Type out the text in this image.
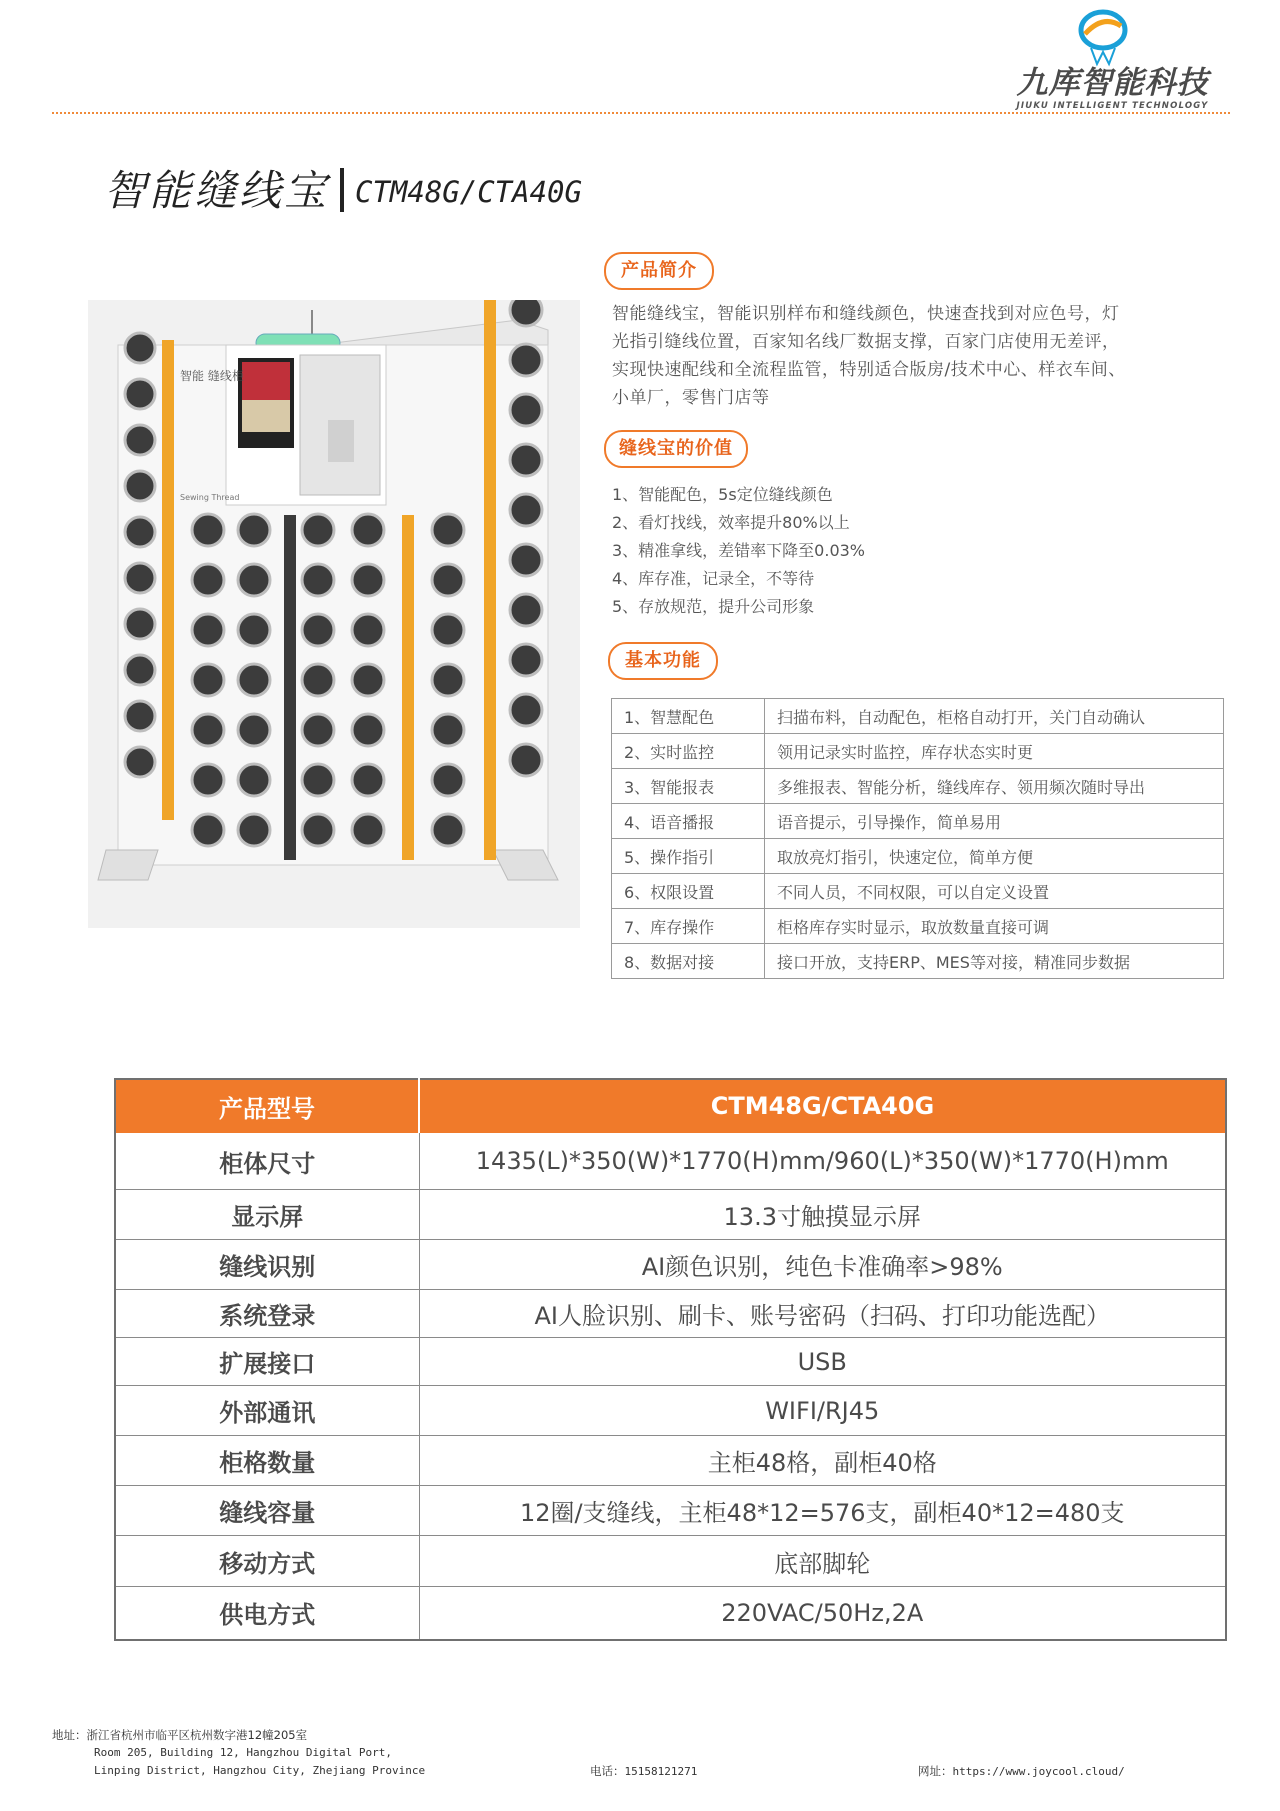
九库智能科技
JIUKU INTELLIGENT TECHNOLOGY
智能缝线宝 CTM48G/CTA40G
智能 缝线柜
Sewing Thread
产品简介
智能缝线宝，智能识别样布和缝线颜色，快速查找到对应色号，灯光指引缝线位置，百家知名线厂数据支撑，百家门店使用无差评，实现快速配线和全流程监管，特别适合版房/技术中心、样衣车间、小单厂，零售门店等
缝线宝的价值
1、智能配色，5s定位缝线颜色
2、看灯找线，效率提升80%以上
3、精准拿线，差错率下降至0.03%
4、库存准，记录全，不等待
5、存放规范，提升公司形象
基本功能
1、智慧配色	扫描布料，自动配色，柜格自动打开，关门自动确认
2、实时监控	领用记录实时监控，库存状态实时更
3、智能报表	多维报表、智能分析，缝线库存、领用频次随时导出
4、语音播报	语音提示，引导操作，简单易用
5、操作指引	取放亮灯指引，快速定位，简单方便
6、权限设置	不同人员，不同权限，可以自定义设置
7、库存操作	柜格库存实时显示，取放数量直接可调
8、数据对接	接口开放，支持ERP、MES等对接，精准同步数据
产品型号	CTM48G/CTA40G
柜体尺寸	1435(L)*350(W)*1770(H)mm/960(L)*350(W)*1770(H)mm
显示屏	13.3寸触摸显示屏
缝线识别	AI颜色识别，纯色卡准确率>98%
系统登录	AI人脸识别、刷卡、账号密码（扫码、打印功能选配）
扩展接口	USB
外部通讯	WIFI/RJ45
柜格数量	主柜48格，副柜40格
缝线容量	12圈/支缝线，主柜48*12=576支，副柜40*12=480支
移动方式	底部脚轮
供电方式	220VAC/50Hz,2A
地址：浙江省杭州市临平区杭州数字港12幢205室
Room 205, Building 12, Hangzhou Digital Port,
Linping District, Hangzhou City, Zhejiang Province	电话：15158121271	网址：https://www.joycool.cloud/
